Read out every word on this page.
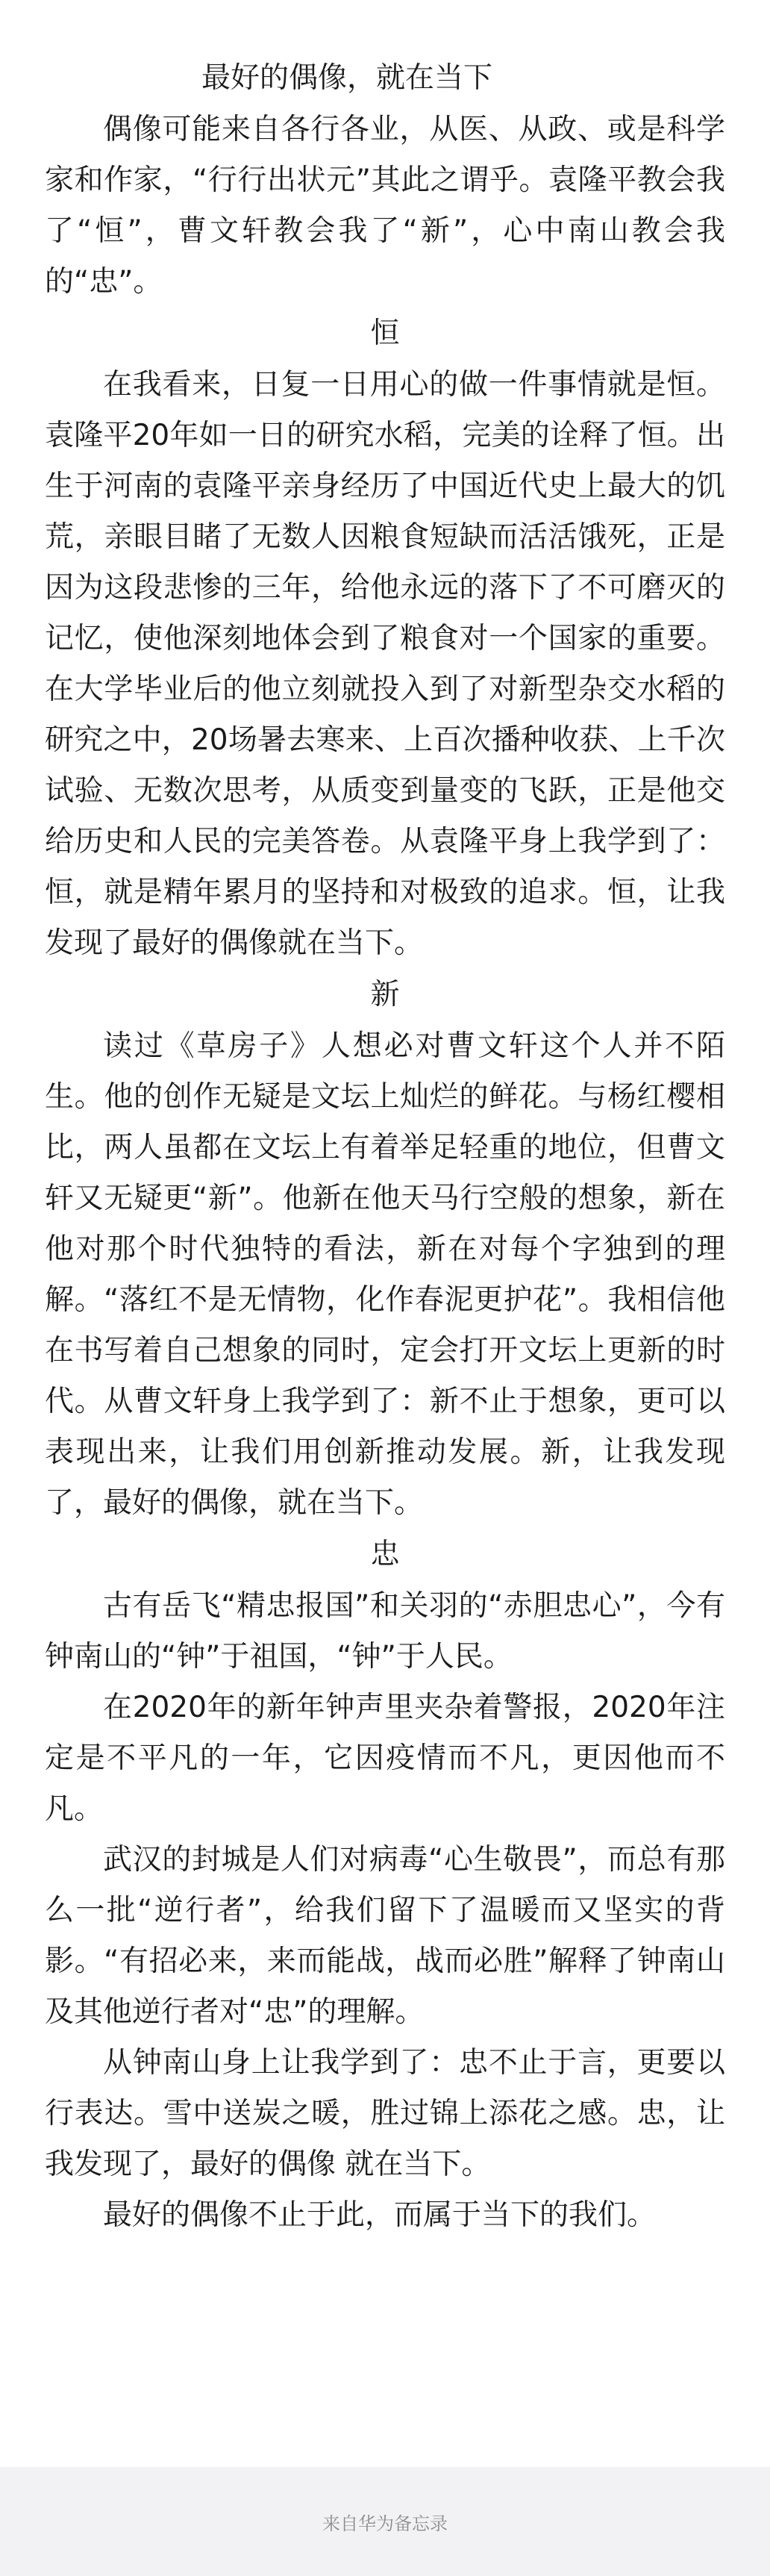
最好的偶像，就在当下

偶像可能来自各行各业，从医、从政、或是科学家和作家，“行行出状元”其此之谓乎。袁隆平教会我了“恒”，曹文轩教会我了“新”，心中南山教会我的“忠”。

恒

在我看来，日复一日用心的做一件事情就是恒。袁隆平20年如一日的研究水稻，完美的诠释了恒。出生于河南的袁隆平亲身经历了中国近代史上最大的饥荒，亲眼目睹了无数人因粮食短缺而活活饿死，正是因为这段悲惨的三年，给他永远的落下了不可磨灭的记忆，使他深刻地体会到了粮食对一个国家的重要。在大学毕业后的他立刻就投入到了对新型杂交水稻的研究之中，20场暑去寒来、上百次播种收获、上千次试验、无数次思考，从质变到量变的飞跃，正是他交给历史和人民的完美答卷。从袁隆平身上我学到了：恒，就是精年累月的坚持和对极致的追求。恒，让我发现了最好的偶像就在当下。

新

读过《草房子》人想必对曹文轩这个人并不陌生。他的创作无疑是文坛上灿烂的鲜花。与杨红樱相比，两人虽都在文坛上有着举足轻重的地位，但曹文轩又无疑更“新”。他新在他天马行空般的想象，新在他对那个时代独特的看法，新在对每个字独到的理解。“落红不是无情物，化作春泥更护花”。我相信他在书写着自己想象的同时，定会打开文坛上更新的时代。从曹文轩身上我学到了：新不止于想象，更可以表现出来，让我们用创新推动发展。新，让我发现了，最好的偶像，就在当下。

忠

古有岳飞“精忠报国”和关羽的“赤胆忠心”，今有钟南山的“钟”于祖国，“钟”于人民。

在2020年的新年钟声里夹杂着警报，2020年注定是不平凡的一年，它因疫情而不凡，更因他而不凡。

武汉的封城是人们对病毒“心生敬畏”，而总有那么一批“逆行者”，给我们留下了温暖而又坚实的背影。“有招必来，来而能战，战而必胜”解释了钟南山及其他逆行者对“忠”的理解。

从钟南山身上让我学到了：忠不止于言，更要以行表达。雪中送炭之暖，胜过锦上添花之感。忠，让我发现了，最好的偶像 就在当下。

最好的偶像不止于此，而属于当下的我们。

来自华为备忘录
